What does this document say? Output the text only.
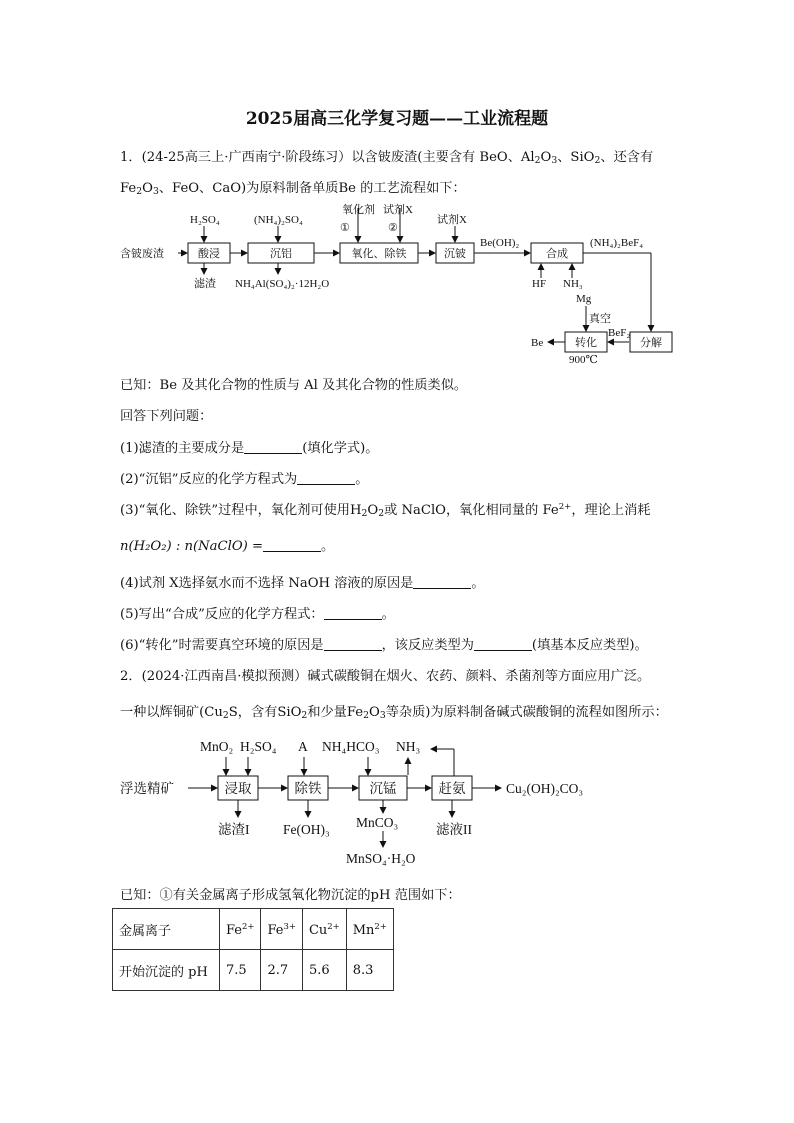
2025届高三化学复习题——工业流程题
1．(24-25高三上·广西南宁·阶段练习）以含铍废渣(主要含有 BeO、$Al_2O_3$、SiO$_2$、还含有
$Fe_2O_3$、FeO、CaO)为原料制备单质Be 的工艺流程如下：
含铍废渣	酸浸
H₂SO₄
滤渣
沉铝
(NH₄)₂SO₄
NH₄Al(SO₄)₂·12H₂O
氧化剂
①
试剂X
②
氧化、除铁
试剂X
沉铍
Be(OH)₂
合成
HF NH₃
(NH₄)₂BeF₄
分解
BeF₂
Mg
真空
转化
900℃
Be
已知：Be 及其化合物的性质与 Al 及其化合物的性质类似。
回答下列问题：
(1)滤渣的主要成分是	(填化学式)。
(2)“沉铝”反应的化学方程式为	。
(3)“氧化、除铁”过程中，氧化剂可使用$H_2O_2$或 NaClO，氧化相同量的 $Fe^{2+}$，理论上消耗
n(H₂O₂) : n(NaClO) =	。
(4)试剂 X选择氨水而不选择 NaOH 溶液的原因是	。
(5)写出“合成”反应的化学方程式：	。
(6)“转化”时需要真空环境的原因是	，该反应类型为	(填基本反应类型)。
2．(2024·江西南昌·模拟预测）碱式碳酸铜在烟火、农药、颜料、杀菌剂等方面应用广泛。
一种以辉铜矿($Cu_2S$，含有SiO$_2$和少量$Fe_2O_3$等杂质)为原料制备碱式碳酸铜的流程如图所示：
浮选精矿
MnO₂ H₂SO₄
浸取
滤渣I
A
除铁
Fe(OH)₃
NH₄HCO₃ NH₃
沉锰
MnCO₃
MnSO₄·H₂O
赶氨
滤液II
Cu₂(OH)₂CO₃
已知：①有关金属离子形成氢氧化物沉淀的pH 范围如下：
金属离子	$Fe^{2+}$	$Fe^{3+}$	$Cu^{2+}$	$Mn^{2+}$
开始沉淀的 pH	7.5	2.7	5.6	8.3
